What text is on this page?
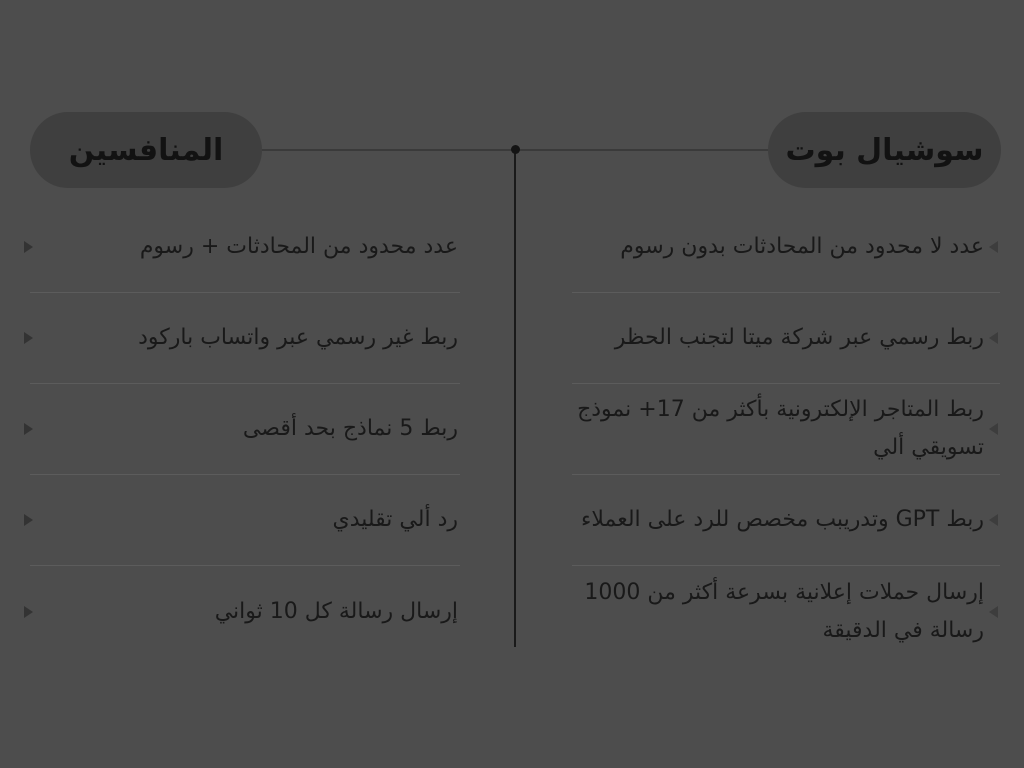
سوشيال بوت
المنافسين
عدد لا محدود من المحادثات بدون رسوم
ربط رسمي عبر شركة ميتا لتجنب الحظر
ربط المتاجر الإلكترونية بأكثر من 17+ نموذج تسويقي ألي
ربط GPT وتدريبب مخصص للرد على العملاء
إرسال حملات إعلانية بسرعة أكثر من 1000 رسالة في الدقيقة
عدد محدود من المحادثات + رسوم
ربط غير رسمي عبر واتساب باركود
ربط 5 نماذج بحد أقصى
رد ألي تقليدي
إرسال رسالة كل 10 ثواني
